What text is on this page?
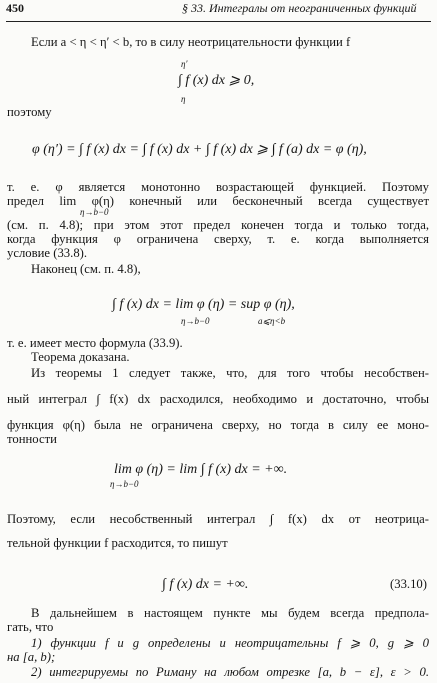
450	§ 33. Интегралы от неограниченных функций
Если a < η < η′ < b, то в силу неотрицательности функции f
η′
∫ f (x) dx ⩾ 0,
η
поэтому
φ (η′) = ∫ f (x) dx = ∫ f (x) dx + ∫ f (x) dx ⩾ ∫ f (a) dx = φ (η),
т. е. φ является монотонно возрастающей функцией. Поэтому
предел lim φ(η) конечный или бесконечный всегда существует
η→b−0
(см. п. 4.8); при этом этот предел конечен тогда и только тогда,
когда функция φ ограничена сверху, т. е. когда выполняется
условие (33.8).
Наконец (см. п. 4.8),
∫ f (x) dx = lim φ (η) = sup φ (η),
η→b−0	a⩽η<b
т. е. имеет место формула (33.9).
Теорема доказана.
Из теоремы 1 следует также, что, для того чтобы несобствен-
ный интеграл ∫ f(x) dx расходился, необходимо и достаточно, чтобы
функция φ(η) была не ограничена сверху, но тогда в силу ее моно-
тонности
lim φ (η) = lim ∫ f (x) dx = +∞.
η→b−0
Поэтому, если несобственный интеграл ∫ f(x) dx от неотрица-
тельной функции f расходится, то пишут
∫ f (x) dx = +∞.	(33.10)
В дальнейшем в настоящем пункте мы будем всегда предпола-
гать, что
1) функции f и g определены и неотрицательны f ⩾ 0, g ⩾ 0
на [a, b);
2) интегрируемы по Риману на любом отрезке [a, b − ε], ε > 0.
